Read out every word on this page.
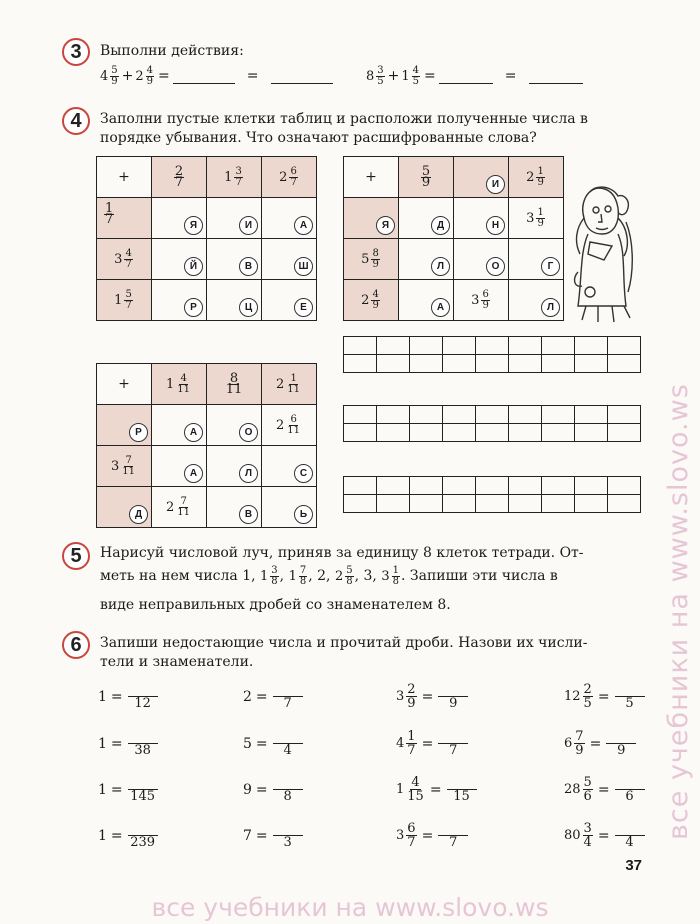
3	Выполни действия:
$4 \frac{5}{9} + 2 \frac{4}{9}$ =	=	$8 \frac{3}{5} + 1 \frac{4}{5}$ =	=
4	Заполни пустые клетки таблиц и расположи полученные числа в
порядке убывания. Что означают расшифрованные слова?
+	$\frac{2}{7}$	$1 \frac{3}{7}$	$2 \frac{6}{7}$

$\frac{1}{7}$	Я	И	А

$3 \frac{4}{7}$	Й	В	Ш

$1 \frac{5}{7}$	Р	Ц	Е
+	$\frac{5}{9}$	И	$2 \frac{1}{9}$

Я	Д	Н	$3 \frac{1}{9}$

$5 \frac{8}{9}$	Л	О	Г

$2 \frac{4}{9}$	А	$3 \frac{6}{9}$	Л
+	$1 \frac{4}{11}$	$\frac{8}{11}$	$2 \frac{1}{11}$

Р	А	О	$2 \frac{6}{11}$

$3 \frac{7}{11}$	А	Л	С

Д	$2 \frac{7}{11}$	В	Ь

5	Нарисуй числовой луч, приняв за единицу 8 клеток тетради. От-
меть на нем числа 1,
$1 \frac{3}{8}$ ,
$1 \frac{7}{8}$ ,
2,
$2 \frac{5}{8}$ ,
3,
$3 \frac{1}{8}$ . Запиши эти числа в
виде неправильных дробей со знаменателем 8.
6	Запиши недостающие числа и прочитай дроби. Назови их числи-
тели и знаменатели.
1 = 12	2 = 7	$3 \frac{2}{9} = 9$	$12 \frac{2}{5} = 5$
1 = 38	5 = 4	$4 \frac{1}{7} = 7$	$6 \frac{7}{9} = 9$
1 = 145	9 = 8	$1 \frac{4}{15} = 15$	$28 \frac{5}{6} = 6$
1 = 239	7 = 3	$3 \frac{6}{7} = 7$	$80 \frac{3}{4} = 4$
37
все учебники на www.slovo.ws
все учебники на www.slovo.ws
